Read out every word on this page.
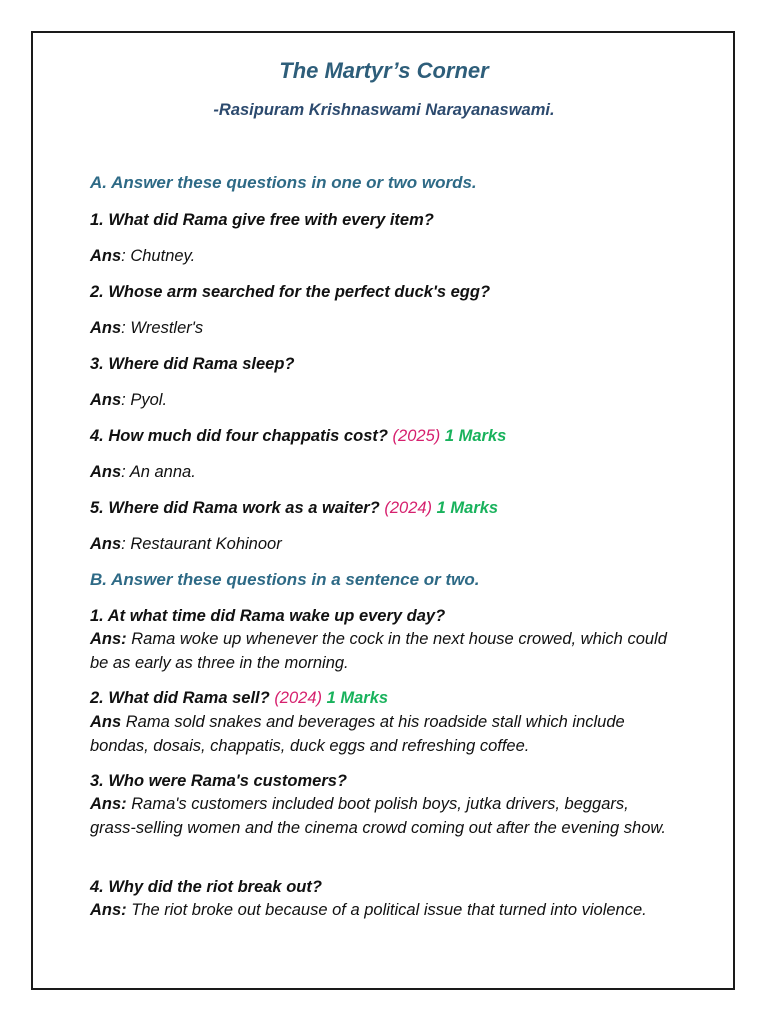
The Martyr’s Corner
-Rasipuram Krishnaswami Narayanaswami.
A. Answer these questions in one or two words.
1. What did Rama give free with every item?
Ans: Chutney.
2. Whose arm searched for the perfect duck's egg?
Ans: Wrestler's
3. Where did Rama sleep?
Ans: Pyol.
4. How much did four chappatis cost? (2025) 1 Marks
Ans: An anna.
5. Where did Rama work as a waiter? (2024) 1 Marks
Ans: Restaurant Kohinoor
B. Answer these questions in a sentence or two.
1. At what time did Rama wake up every day?
Ans: Rama woke up whenever the cock in the next house crowed, which could be as early as three in the morning.
2. What did Rama sell? (2024) 1 Marks
Ans Rama sold snakes and beverages at his roadside stall which include bondas, dosais, chappatis, duck eggs and refreshing coffee.
3. Who were Rama's customers?
Ans: Rama's customers included boot polish boys, jutka drivers, beggars, grass-selling women and the cinema crowd coming out after the evening show.
4. Why did the riot break out?
Ans: The riot broke out because of a political issue that turned into violence.
